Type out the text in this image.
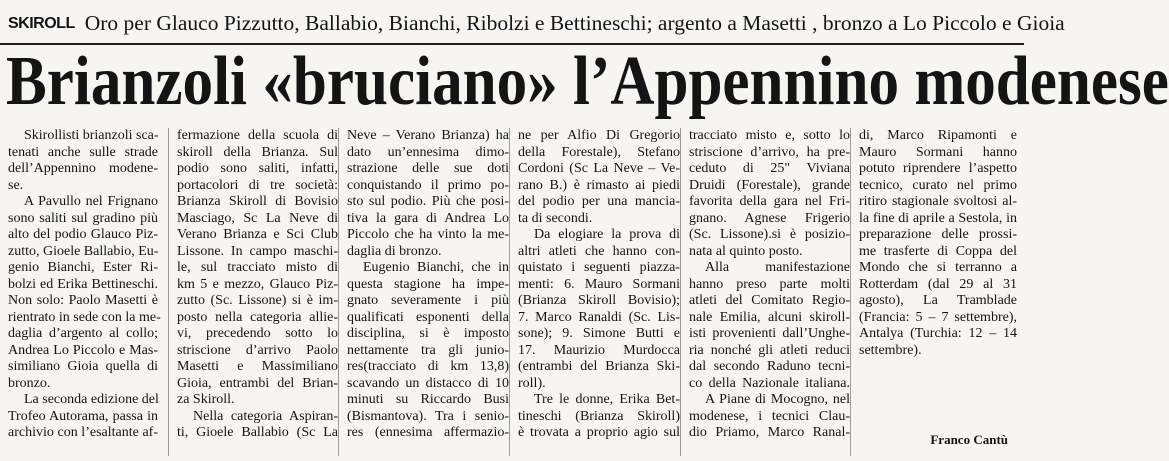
SKIROLL Oro per Glauco Pizzutto, Ballabio, Bianchi, Ribolzi e Bettineschi; argento a Masetti , bronzo a Lo Piccolo e Gioia
Brianzoli «bruciano» l’Appennino modenese
Skirollisti brianzoli sca-
tenati anche sulle strade
dell’Appennino modene-
se.
A Pavullo nel Frignano
sono saliti sul gradino più
alto del podio Glauco Piz-
zutto, Gioele Ballabio, Eu-
genio Bianchi, Ester Ri-
bolzi ed Erika Bettineschi.
Non solo: Paolo Masetti è
rientrato in sede con la me-
daglia d’argento al collo;
Andrea Lo Piccolo e Mas-
similiano Gioia quella di
bronzo.
La seconda edizione del
Trofeo Autorama, passa in
archivio con l’esaltante af-
fermazione della scuola di
skiroll della Brianza. Sul
podio sono saliti, infatti,
portacolori di tre società:
Brianza Skiroll di Bovisio
Masciago, Sc La Neve di
Verano Brianza e Sci Club
Lissone. In campo maschi-
le, sul tracciato misto di
km 5 e mezzo, Glauco Piz-
zutto (Sc. Lissone) si è im-
posto nella categoria allie-
vi, precedendo sotto lo
striscione d’arrivo Paolo
Masetti e Massimiliano
Gioia, entrambi del Brian-
za Skiroll.
Nella categoria Aspiran-
ti, Gioele Ballabio (Sc La
Neve – Verano Brianza) ha
dato un’ennesima dimo-
strazione delle sue doti
conquistando il primo po-
sto sul podio. Più che posi-
tiva la gara di Andrea Lo
Piccolo che ha vinto la me-
daglia di bronzo.
Eugenio Bianchi, che in
questa stagione ha impe-
gnato severamente i più
qualificati esponenti della
disciplina, si è imposto
nettamente tra gli junio-
res(tracciato di km 13,8)
scavando un distacco di 10
minuti su Riccardo Busi
(Bismantova). Tra i senio-
res (ennesima affermazio-
ne per Alfio Di Gregorio
della Forestale), Stefano
Cordoni (Sc La Neve – Ve-
rano B.) è rimasto ai piedi
del podio per una mancia-
ta di secondi.
Da elogiare la prova di
altri atleti che hanno con-
quistato i seguenti piazza-
menti: 6. Mauro Sormani
(Brianza Skiroll Bovisio);
7. Marco Ranaldi (Sc. Lis-
sone); 9. Simone Butti e
17. Maurizio Murdocca
(entrambi del Brianza Ski-
roll).
Tre le donne, Erika Bet-
tineschi (Brianza Skiroll)
è trovata a proprio agio sul
tracciato misto e, sotto lo
striscione d’arrivo, ha pre-
ceduto di 25" Viviana
Druidi (Forestale), grande
favorita della gara nel Fri-
gnano. Agnese Frigerio
(Sc. Lissone).si è posizio-
nata al quinto posto.
Alla manifestazione
hanno preso parte molti
atleti del Comitato Regio-
nale Emilia, alcuni skiroll-
isti provenienti dall’Unghe-
ria nonché gli atleti reduci
dal secondo Raduno tecni-
co della Nazionale italiana.
A Piane di Mocogno, nel
modenese, i tecnici Clau-
dio Priamo, Marco Ranal-
di, Marco Ripamonti e
Mauro Sormani hanno
potuto riprendere l’aspetto
tecnico, curato nel primo
ritiro stagionale svoltosi al-
la fine di aprile a Sestola, in
preparazione delle prossi-
me trasferte di Coppa del
Mondo che si terranno a
Rotterdam (dal 29 al 31
agosto), La Tramblade
(Francia: 5 – 7 settembre),
Antalya (Turchia: 12 – 14
settembre).
Franco Cantù
